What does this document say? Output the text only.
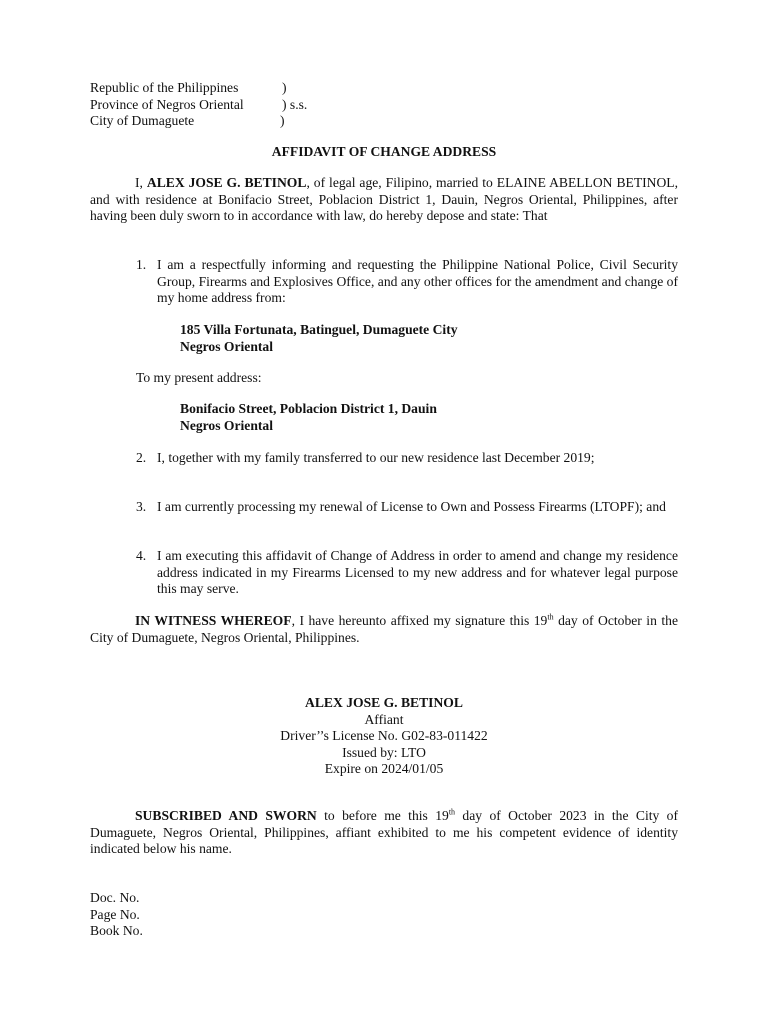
Republic of the Philippines	)
Province of Negros Oriental	) s.s.
City of Dumaguete	)
AFFIDAVIT OF CHANGE ADDRESS
I, ALEX JOSE G. BETINOL, of legal age, Filipino, married to ELAINE ABELLON BETINOL, and with residence at Bonifacio Street, Poblacion District 1, Dauin, Negros Oriental, Philippines, after having been duly sworn to in accordance with law, do hereby depose and state: That
1. I am a respectfully informing and requesting the Philippine National Police, Civil Security Group, Firearms and Explosives Office, and any other offices for the amendment and change of my home address from:
185 Villa Fortunata, Batinguel, Dumaguete City
Negros Oriental
To my present address:
Bonifacio Street, Poblacion District 1, Dauin
Negros Oriental
2. I, together with my family transferred to our new residence last December 2019;
3. I am currently processing my renewal of License to Own and Possess Firearms (LTOPF); and
4. I am executing this affidavit of Change of Address in order to amend and change my residence address indicated in my Firearms Licensed to my new address and for whatever legal purpose this may serve.
IN WITNESS WHEREOF, I have hereunto affixed my signature this 19th day of October in the City of Dumaguete, Negros Oriental, Philippines.
ALEX JOSE G. BETINOL
Affiant
Driver’’s License No. G02-83-011422
Issued by: LTO
Expire on 2024/01/05
SUBSCRIBED AND SWORN to before me this 19th day of October 2023 in the City of Dumaguete, Negros Oriental, Philippines, affiant exhibited to me his competent evidence of identity indicated below his name.
Doc. No.
Page No.
Book No.
